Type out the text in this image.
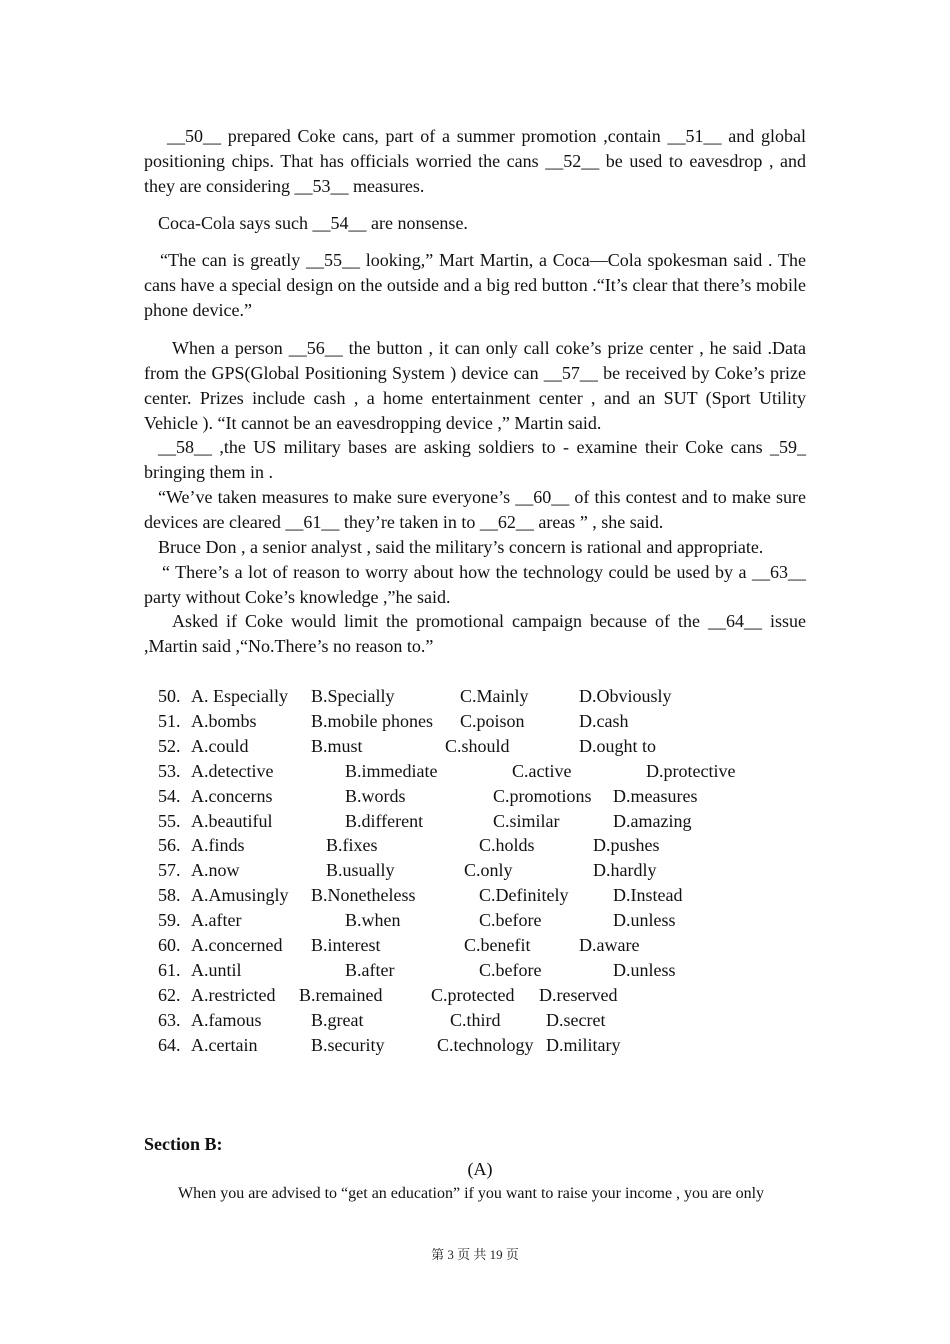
__50__ prepared Coke cans, part of a summer promotion ,contain __51__ and global positioning chips. That has officials worried the cans __52__ be used to eavesdrop , and they are considering __53__ measures.
Coca-Cola says such __54__ are nonsense.
“The can is greatly __55__ looking,” Mart Martin, a Coca—Cola spokesman said . The cans have a special design on the outside and a big red button .“It’s clear that there’s mobile phone device.”
When a person __56__ the button , it can only call coke’s prize center , he said .Data from the GPS(Global Positioning System ) device can __57__ be received by Coke’s prize center. Prizes include cash , a home entertainment center , and an SUT (Sport Utility Vehicle ). “It cannot be an eavesdropping device ,” Martin said.
__58__ ,the US military bases are asking soldiers to - examine their Coke cans _59_ bringing them in .
“We’ve taken measures to make sure everyone’s __60__ of this contest and to make sure devices are cleared __61__ they’re taken in to __62__ areas ” , she said.
Bruce Don , a senior analyst , said the military’s concern is rational and appropriate.
“ There’s a lot of reason to worry about how the technology could be used by a __63__ party without Coke’s knowledge ,”he said.
Asked if Coke would limit the promotional campaign because of the __64__ issue ,Martin said ,“No.There’s no reason to.”
50. A. Especially B.Specially	C.Mainly	D.Obviously
51. A.bombs	B.mobile phones C.poison	D.cash
52. A.could	B.must	C.should	D.ought to
53. A.detective	B.immediate	C.active	D.protective
54. A.concerns	B.words	C.promotions D.measures
55. A.beautiful	B.different	C.similar	D.amazing
56. A.finds	B.fixes	C.holds	D.pushes
57. A.now	B.usually	C.only	D.hardly
58. A.Amusingly B.Nonetheless	C.Definitely D.Instead
59. A.after	B.when	C.before	D.unless
60. A.concerned B.interest	C.benefit	D.aware
61. A.until	B.after	C.before	D.unless
62. A.restricted B.remained	C.protected D.reserved
63. A.famous	B.great	C.third	D.secret
64. A.certain	B.security	C.technology D.military
Section B:
(A)
When you are advised to “get an education” if you want to raise your income , you are only
第 3 页 共 19 页
